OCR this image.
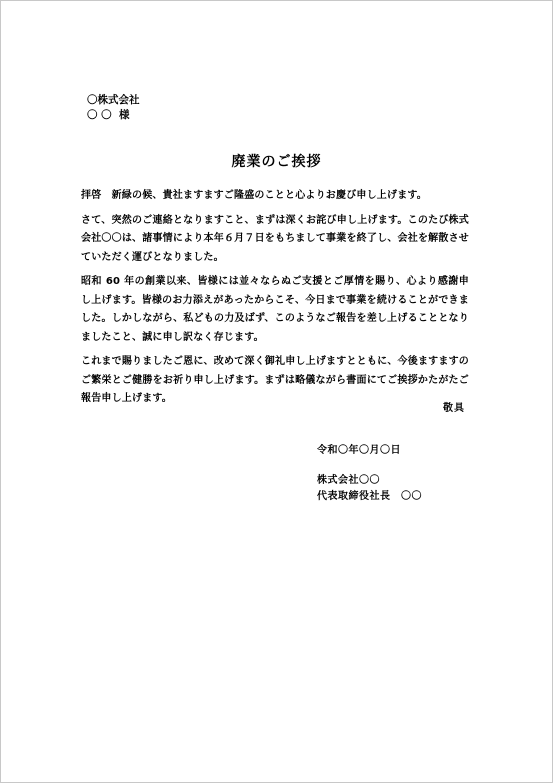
〇株式会社
〇 〇  様
廃業のご挨拶

拝啓　新緑の候、貴社ますますご隆盛のことと心よりお慶び申し上げます。

さて、突然のご連絡となりますこと、まずは深くお詫び申し上げます。このたび株式会社〇〇は、諸事情により本年６月７日をもちまして事業を終了し、会社を解散させていただく運びとなりました。

昭和 60 年の創業以来、皆様には並々ならぬご支援とご厚情を賜り、心より感謝申し上げます。皆様のお力添えがあったからこそ、今日まで事業を続けることができました。しかしながら、私どもの力及ばず、このようなご報告を差し上げることとなりましたこと、誠に申し訳なく存じます。

これまで賜りましたご恩に、改めて深く御礼申し上げますとともに、今後ますますのご繁栄とご健勝をお祈り申し上げます。まずは略儀ながら書面にてご挨拶かたがたご報告申し上げます。

敬具
令和〇年〇月〇日
株式会社〇〇
代表取締役社長　〇〇
